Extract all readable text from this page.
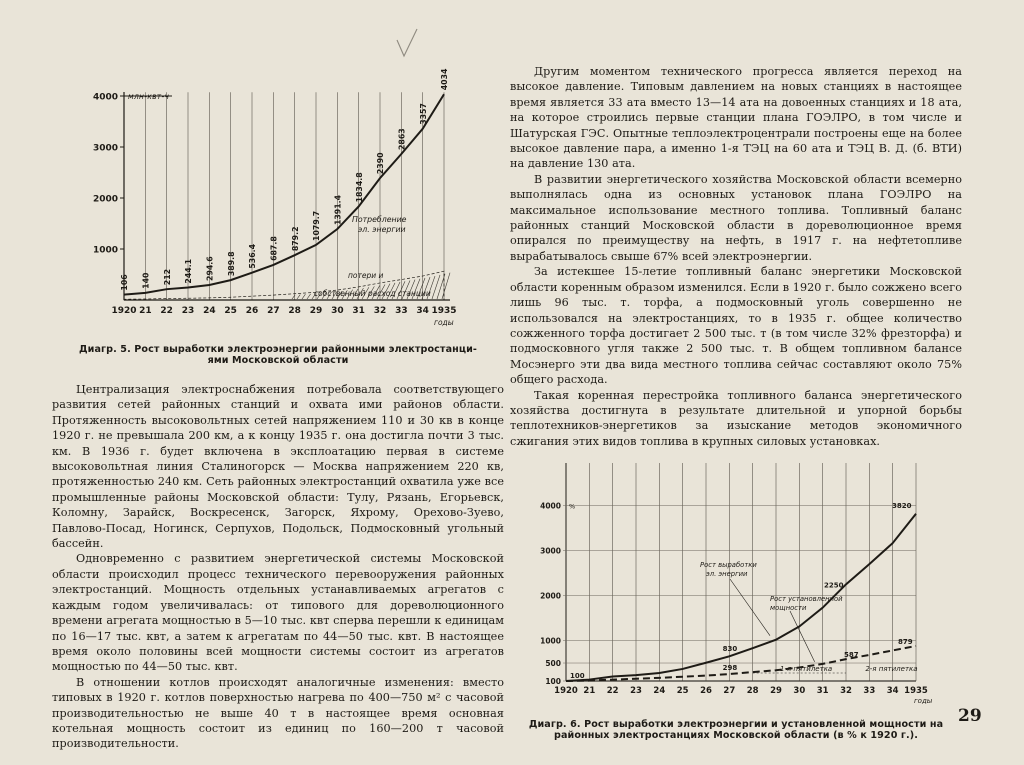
1000
2000
3000
4000 млн-квт-ч
1920 21 22 23 24 25 26 27 28 29 30 31 32 33 34 1935
годы
потери и
собственный расход станции
106 140 212 244.1 294.6 389.8 536.4 687.8 879.2 1079.7
1391.4
1834.8
2390
2863
3357
4034
Потребление
эл. энергии
Диагр. 5. Рост выработки электроэнергии районными электростанци-
ями Московской области

Централизация электроснабжения потребовала соответствующего развития сетей районных станций и охвата ими районов области. Протяженность высоковольтных сетей напряжением 110 и 30 кв в конце 1920 г. не превышала 200 км, а к концу 1935 г. она достигла почти 3 тыс. км. В 1936 г. будет включена в эксплоатацию первая в системе высоковольтная линия Сталиногорск — Москва напряжением 220 кв, протяженностью 240 км. Сеть районных электростанций охватила уже все промышленные районы Московской области: Тулу, Рязань, Егорьевск, Коломну, Зарайск, Воскресенск, Загорск, Яхрому, Орехово-Зуево, Павлово-Посад, Ногинск, Серпухов, Подольск, Подмосковный угольный бассейн.

Одновременно с развитием энергетической системы Московской области происходил процесс технического перевооружения районных электростанций. Мощность отдельных устанавливаемых агрегатов с каждым годом увеличивалась: от типового для дореволюционного времени агрегата мощностью в 5—10 тыс. квт сперва перешли к единицам по 16—17 тыс. квт, а затем к агрегатам по 44—50 тыс. квт. В настоящее время около половины всей мощности системы состоит из агрегатов мощностью по 44—50 тыс. квт.

В отношении котлов происходят аналогичные изменения: вместо типовых в 1920 г. котлов поверхностью нагрева по 400—750 м² с часовой производительностью не выше 40 т в настоящее время основная котельная мощность состоит из единиц по 160—200 т часовой производительности.

Другим моментом технического прогресса является переход на высокое давление. Типовым давлением на новых станциях в настоящее время является 33 ата вместо 13—14 ата на довоенных станциях и 18 ата, на которое строились первые станции плана ГОЭЛРО, в том числе и Шатурская ГЭС. Опытные теплоэлектроцентрали построены еще на более высокое давление пара, а именно 1-я ТЭЦ на 60 ата и ТЭЦ В. Д. (б. ВТИ) на давление 130 ата.

В развитии энергетического хозяйства Московской области всемерно выполнялась одна из основных установок плана ГОЭЛРО на максимальное использование местного топлива. Топливный баланс районных станций Московской области в дореволюционное время опирался по преимуществу на нефть, в 1917 г. на нефтетопливе вырабатывалось свыше 67% всей электроэнергии.

За истекшее 15-летие топливный баланс энергетики Московской области коренным образом изменился. Если в 1920 г. было сожжено всего лишь 96 тыс. т. торфа, а подмосковный уголь совершенно не использовался на электростанциях, то в 1935 г. общее количество сожженного торфа достигает 2 500 тыс. т (в том числе 32% фрезторфа) и подмосковного угля также 2 500 тыс. т. В общем топливном балансе Мосэнерго эти два вида местного топлива сейчас составляют около 75% общего расхода.

Такая коренная перестройка топливного баланса энергетического хозяйства достигнута в результате длительной и упорной борьбы теплотехников-энергетиков за изыскание методов экономичного сжигания этих видов топлива в крупных силовых установках.

100
500
1000
2000
3000
4000 %
1920 21 22 23 24 25 26 27 28 29 30 31 32 33 34 1935
годы
100
830
298
2250
587
3820
879
Рост выработки
эл. энергии
Рост установленной
мощности
1-я пятилетка	2-я пятилетка
Диагр. 6. Рост выработки электроэнергии и установленной мощности на
районных электростанциях Московской области (в % к 1920 г.).
29
